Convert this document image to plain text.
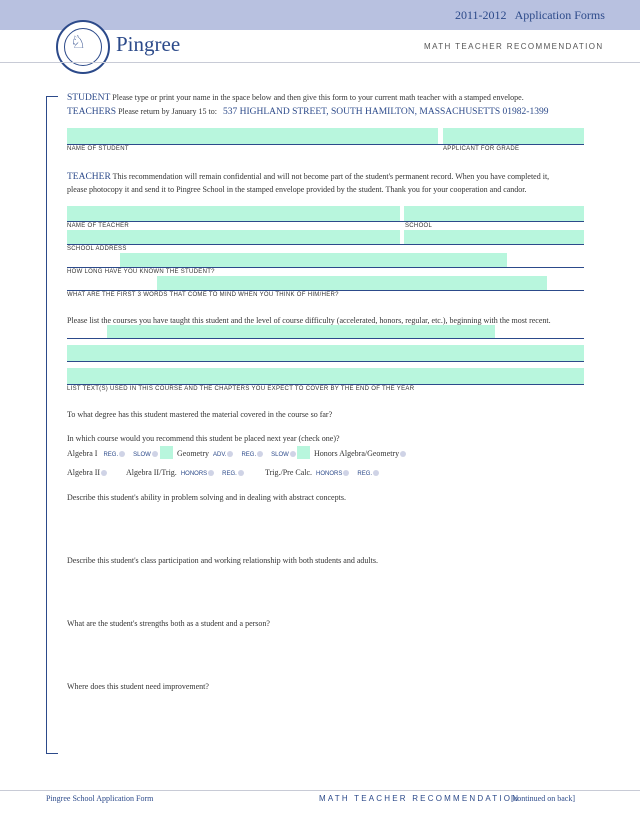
2011-2012 Application Forms
♘ Pingree	MATH TEACHER RECOMMENDATION
STUDENT Please type or print your name in the space below and then give this form to your current math teacher with a stamped envelope.
TEACHERS Please return by January 15 to: 537 HIGHLAND STREET, SOUTH HAMILTON, MASSACHUSETTS 01982-1399
NAME OF STUDENT	APPLICANT FOR GRADE
TEACHER This recommendation will remain confidential and will not become part of the student's permanent record. When you have completed it,
please photocopy it and send it to Pingree School in the stamped envelope provided by the student. Thank you for your cooperation and candor.
NAME OF TEACHER	SCHOOL
SCHOOL ADDRESS
HOW LONG HAVE YOU KNOWN THE STUDENT?
WHAT ARE THE FIRST 3 WORDS THAT COME TO MIND WHEN YOU THINK OF HIM/HER?
Please list the courses you have taught this student and the level of course difficulty (accelerated, honors, regular, etc.), beginning with the most recent.
LIST TEXT(S) USED IN THIS COURSE AND THE CHAPTERS YOU EXPECT TO COVER BY THE END OF THE YEAR
To what degree has this student mastered the material covered in the course so far?
In which course would you recommend this student be placed next year (check one)?
Algebra I REG.	SLOW	Geometry ADV.	REG.	SLOW	Honors Algebra/Geometry
Algebra II	Algebra II/Trig. HONORS	REG.	Trig./Pre Calc. HONORS	REG.
Describe this student's ability in problem solving and in dealing with abstract concepts.
Describe this student's class participation and working relationship with both students and adults.
What are the student's strengths both as a student and a person?
Where does this student need improvement?
Pingree School Application Form	MATH TEACHER RECOMMENDATION
[continued on back]
